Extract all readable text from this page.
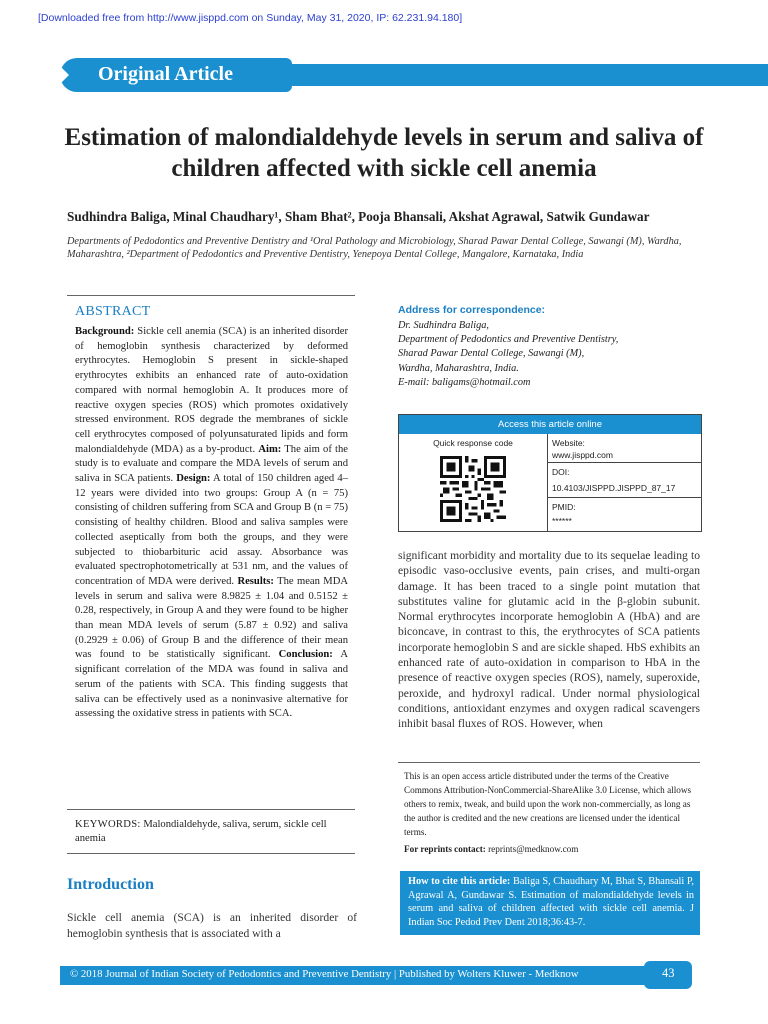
[Downloaded free from http://www.jisppd.com on Sunday, May 31, 2020, IP: 62.231.94.180]
Original Article
Estimation of malondialdehyde levels in serum and saliva of children affected with sickle cell anemia
Sudhindra Baliga, Minal Chaudhary¹, Sham Bhat², Pooja Bhansali, Akshat Agrawal, Satwik Gundawar
Departments of Pedodontics and Preventive Dentistry and ¹Oral Pathology and Microbiology, Sharad Pawar Dental College, Sawangi (M), Wardha, Maharashtra, ²Department of Pedodontics and Preventive Dentistry, Yenepoya Dental College, Mangalore, Karnataka, India
ABSTRACT
Background: Sickle cell anemia (SCA) is an inherited disorder of hemoglobin synthesis characterized by deformed erythrocytes. Hemoglobin S present in sickle-shaped erythrocytes exhibits an enhanced rate of auto-oxidation compared with normal hemoglobin A. It produces more of reactive oxygen species (ROS) which promotes oxidatively stressed environment. ROS degrade the membranes of sickle cell erythrocytes composed of polyunsaturated lipids and form malondialdehyde (MDA) as a by-product. Aim: The aim of the study is to evaluate and compare the MDA levels of serum and saliva in SCA patients. Design: A total of 150 children aged 4–12 years were divided into two groups: Group A (n = 75) consisting of children suffering from SCA and Group B (n = 75) consisting of healthy children. Blood and saliva samples were collected aseptically from both the groups, and they were subjected to thiobarbituric acid assay. Absorbance was evaluated spectrophotometrically at 531 nm, and the values of concentration of MDA were derived. Results: The mean MDA levels in serum and saliva were 8.9825 ± 1.04 and 0.5152 ± 0.28, respectively, in Group A and they were found to be higher than mean MDA levels of serum (5.87 ± 0.92) and saliva (0.2929 ± 0.06) of Group B and the difference of their mean was found to be statistically significant. Conclusion: A significant correlation of the MDA was found in saliva and serum of the patients with SCA. This finding suggests that saliva can be effectively used as a noninvasive alternative for assessing the oxidative stress in patients with SCA.
KEYWORDS: Malondialdehyde, saliva, serum, sickle cell anemia
Address for correspondence:
Dr. Sudhindra Baliga,
Department of Pedodontics and Preventive Dentistry,
Sharad Pawar Dental College, Sawangi (M),
Wardha, Maharashtra, India.
E-mail: baligams@hotmail.com
Access this article online
Quick response code	Website:
www.jisppd.com
DOI:
10.4103/JISPPD.JISPPD_87_17
PMID:
******
significant morbidity and mortality due to its sequelae leading to episodic vaso-occlusive events, pain crises, and multi-organ damage. It has been traced to a single point mutation that substitutes valine for glutamic acid in the β-globin subunit. Normal erythrocytes incorporate hemoglobin A (HbA) and are biconcave, in contrast to this, the erythrocytes of SCA patients incorporate hemoglobin S and are sickle shaped. HbS exhibits an enhanced rate of auto-oxidation in comparison to HbA in the presence of reactive oxygen species (ROS), namely, superoxide, peroxide, and hydroxyl radical. Under normal physiological conditions, antioxidant enzymes and oxygen radical scavengers inhibit basal fluxes of ROS. However, when
This is an open access article distributed under the terms of the Creative Commons Attribution-NonCommercial-ShareAlike 3.0 License, which allows others to remix, tweak, and build upon the work non-commercially, as long as the author is credited and the new creations are licensed under the identical terms.
For reprints contact: reprints@medknow.com
How to cite this article: Baliga S, Chaudhary M, Bhat S, Bhansali P, Agrawal A, Gundawar S. Estimation of malondialdehyde levels in serum and saliva of children affected with sickle cell anemia. J Indian Soc Pedod Prev Dent 2018;36:43-7.
Introduction
Sickle cell anemia (SCA) is an inherited disorder of hemoglobin synthesis that is associated with a
© 2018 Journal of Indian Society of Pedodontics and Preventive Dentistry | Published by Wolters Kluwer - Medknow	43
